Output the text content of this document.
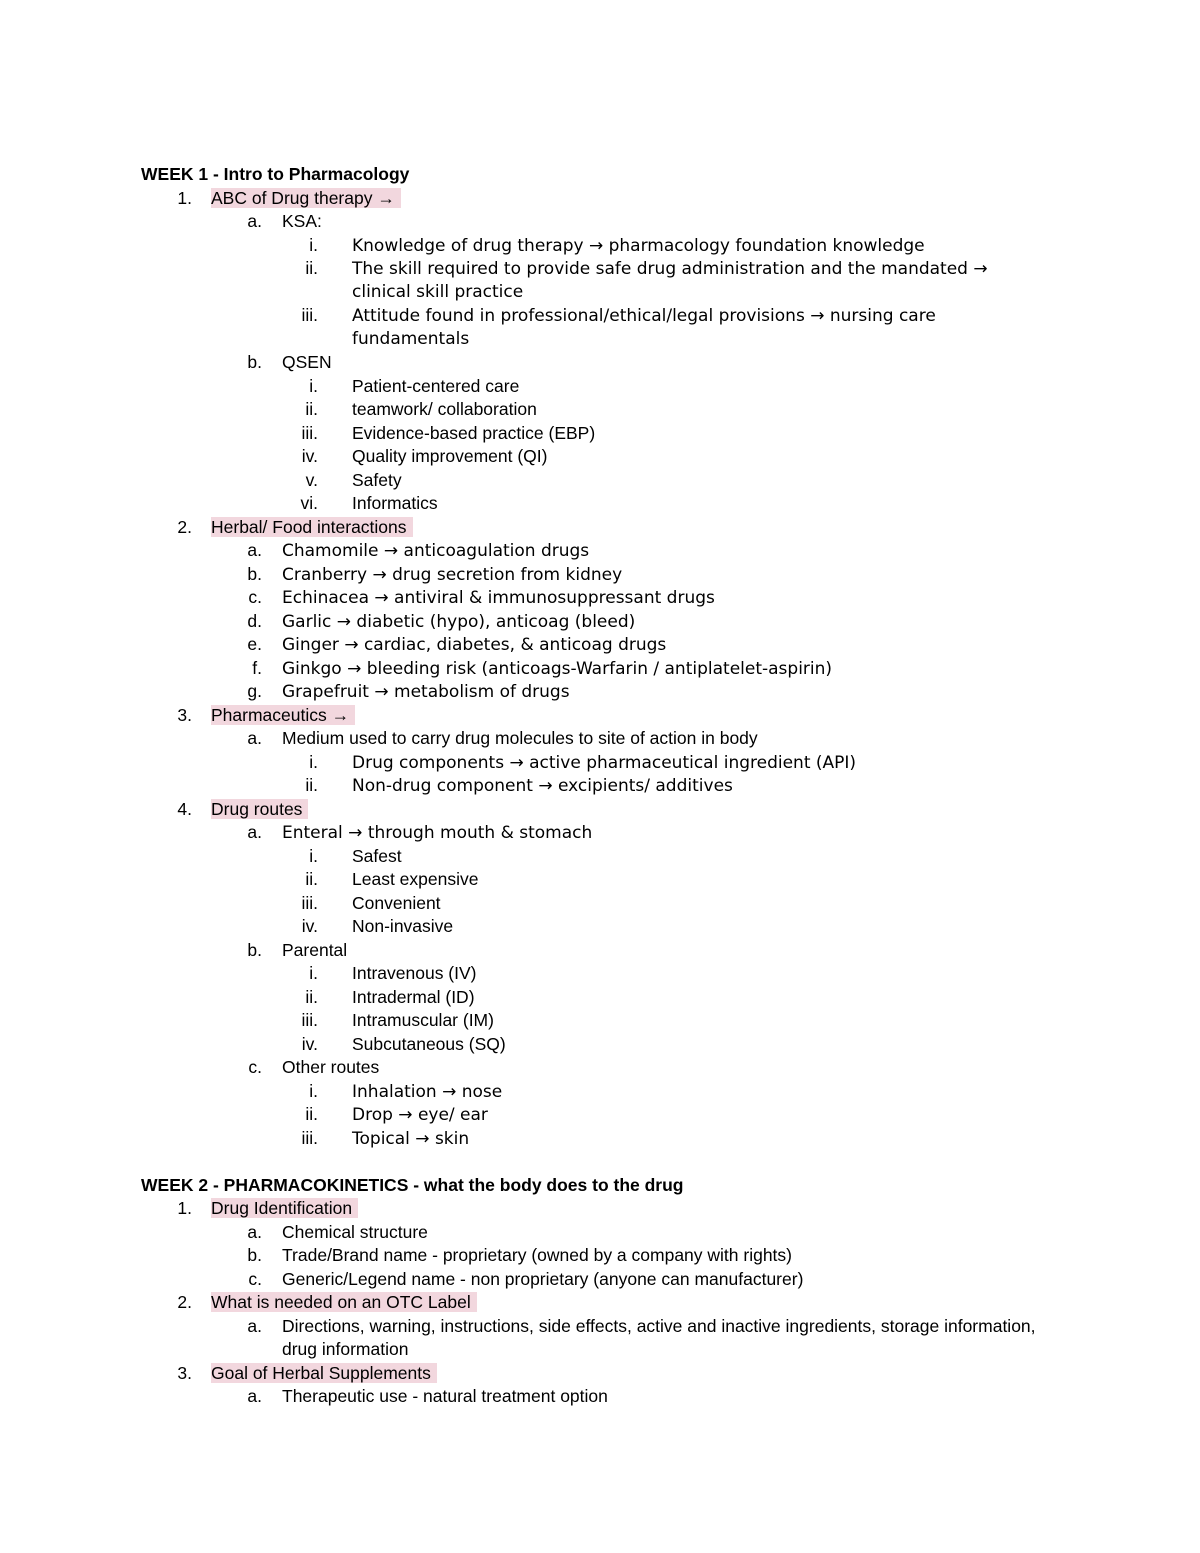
WEEK 1 - Intro to Pharmacology
1. ABC of Drug therapy →
a. KSA:
i. Knowledge of drug therapy → pharmacology foundation knowledge
ii. The skill required to provide safe drug administration and the mandated →
clinical skill practice
iii. Attitude found in professional/ethical/legal provisions → nursing care
fundamentals
b. QSEN
i. Patient-centered care
ii. teamwork/ collaboration
iii. Evidence-based practice (EBP)
iv. Quality improvement (QI)
v. Safety
vi. Informatics
2. Herbal/ Food interactions
a. Chamomile → anticoagulation drugs
b. Cranberry → drug secretion from kidney
c. Echinacea → antiviral & immunosuppressant drugs
d. Garlic → diabetic (hypo), anticoag (bleed)
e. Ginger → cardiac, diabetes, & anticoag drugs
f. Ginkgo → bleeding risk (anticoags-Warfarin / antiplatelet-aspirin)
g. Grapefruit → metabolism of drugs
3. Pharmaceutics →
a. Medium used to carry drug molecules to site of action in body
i. Drug components → active pharmaceutical ingredient (API)
ii. Non-drug component → excipients/ additives
4. Drug routes
a. Enteral → through mouth & stomach
i. Safest
ii. Least expensive
iii. Convenient
iv. Non-invasive
b. Parental
i. Intravenous (IV)
ii. Intradermal (ID)
iii. Intramuscular (IM)
iv. Subcutaneous (SQ)
c. Other routes
i. Inhalation → nose
ii. Drop → eye/ ear
iii. Topical → skin
WEEK 2 - PHARMACOKINETICS - what the body does to the drug
1. Drug Identification
a. Chemical structure
b. Trade/Brand name - proprietary (owned by a company with rights)
c. Generic/Legend name - non proprietary (anyone can manufacturer)
2. What is needed on an OTC Label
a. Directions, warning, instructions, side effects, active and inactive ingredients, storage information,
drug information
3. Goal of Herbal Supplements
a. Therapeutic use - natural treatment option
